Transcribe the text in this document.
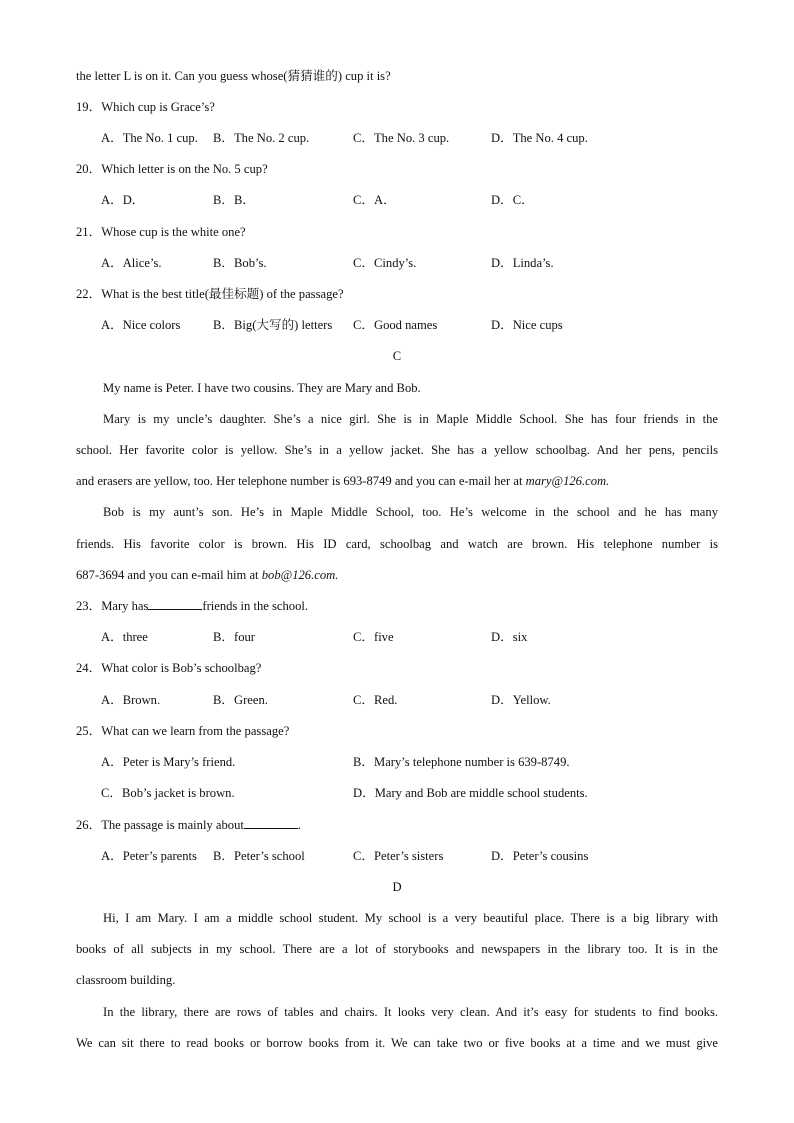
the letter L is on it. Can you guess whose(猜猜谁的) cup it is?
19．Which cup is Grace’s?
A．The No. 1 cup. B．The No. 2 cup.	C．The No. 3 cup.	D．The No. 4 cup.
20．Which letter is on the No. 5 cup?
A．D．	B．B．	C．A．	D．C．
21．Whose cup is the white one?
A．Alice’s.	B．Bob’s.	C．Cindy’s.	D．Linda’s.
22．What is the best title(最佳标题) of the passage?
A．Nice colors	B．Big(大写的) letters C．Good names	D．Nice cups
C
My name is Peter. I have two cousins. They are Mary and Bob.
Mary is my uncle’s daughter. She’s a nice girl. She is in Maple Middle School. She has four friends in the
school. Her favorite color is yellow. She’s in a yellow jacket. She has a yellow schoolbag. And her pens, pencils
and erasers are yellow, too. Her telephone number is 693-8749 and you can e-mail her at mary@126.com.
Bob is my aunt’s son. He’s in Maple Middle School, too. He’s welcome in the school and he has many
friends. His favorite color is brown. His ID card, schoolbag and watch are brown. His telephone number is
687-3694 and you can e-mail him at bob@126.com.
23．Mary has	friends in the school.
A．three	B．four	C．five	D．six
24．What color is Bob’s schoolbag?
A．Brown.	B．Green.	C．Red.	D．Yellow.
25．What can we learn from the passage?
A．Peter is Mary’s friend.	B．Mary’s telephone number is 639-8749.
C．Bob’s jacket is brown.	D．Mary and Bob are middle school students.
26．The passage is mainly about	.
A．Peter’s parents B．Peter’s school	C．Peter’s sisters	D．Peter’s cousins
D
Hi, I am Mary. I am a middle school student. My school is a very beautiful place. There is a big library with
books of all subjects in my school. There are a lot of storybooks and newspapers in the library too. It is in the
classroom building.
In the library, there are rows of tables and chairs. It looks very clean. And it’s easy for students to find books.
We can sit there to read books or borrow books from it. We can take two or five books at a time and we must give
